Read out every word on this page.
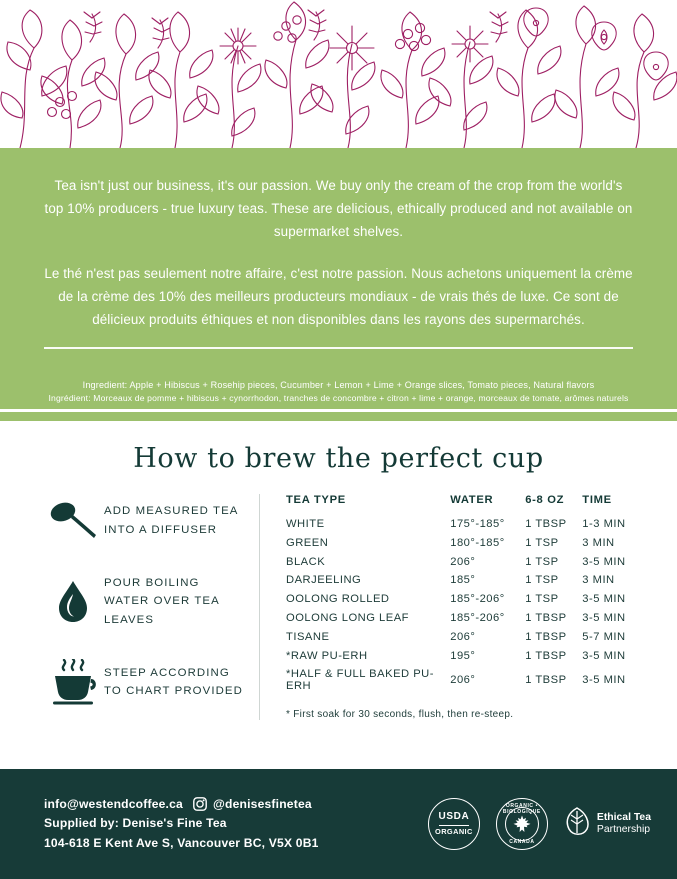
Tea isn't just our business, it's our passion. We buy only the cream of the crop from the world's top 10% producers - true luxury teas. These are delicious, ethically produced and not available on supermarket shelves.

Le thé n'est pas seulement notre affaire, c'est notre passion. Nous achetons uniquement la crème de la crème des 10% des meilleurs producteurs mondiaux - de vrais thés de luxe. Ce sont de délicieux produits éthiques et non disponibles dans les rayons des supermarchés.

Ingredient: Apple + Hibiscus + Rosehip pieces, Cucumber + Lemon + Lime + Orange slices, Tomato pieces, Natural flavors
Ingrédient: Morceaux de pomme + hibiscus + cynorrhodon, tranches de concombre + citron + lime + orange, morceaux de tomate, arômes naturels
How to brew the perfect cup
ADD MEASURED TEA INTO A DIFFUSER
POUR BOILING WATER OVER TEA LEAVES
STEEP ACCORDING TO CHART PROVIDED
TEA TYPE	WATER	6-8 OZ	TIME
WHITE	175°-185°	1 TBSP	1-3 MIN
GREEN	180°-185°	1 TSP	3 MIN
BLACK	206°	1 TSP	3-5 MIN
DARJEELING	185°	1 TSP	3 MIN
OOLONG ROLLED	185°-206°	1 TSP	3-5 MIN
OOLONG LONG LEAF	185°-206°	1 TBSP	3-5 MIN
TISANE	206°	1 TBSP	5-7 MIN
*RAW PU-ERH	195°	1 TBSP	3-5 MIN
*HALF & FULL BAKED PU-ERH	206°	1 TBSP	3-5 MIN
* First soak for 30 seconds, flush, then re-steep.
info@westendcoffee.ca @denisesfinetea
Supplied by: Denise's Fine Tea
104-618 E Kent Ave S, Vancouver BC, V5X 0B1
USDA
ORGANIC
ORGANIC • BIOLOGIQUE
CANADA
Ethical Tea
Partnership
